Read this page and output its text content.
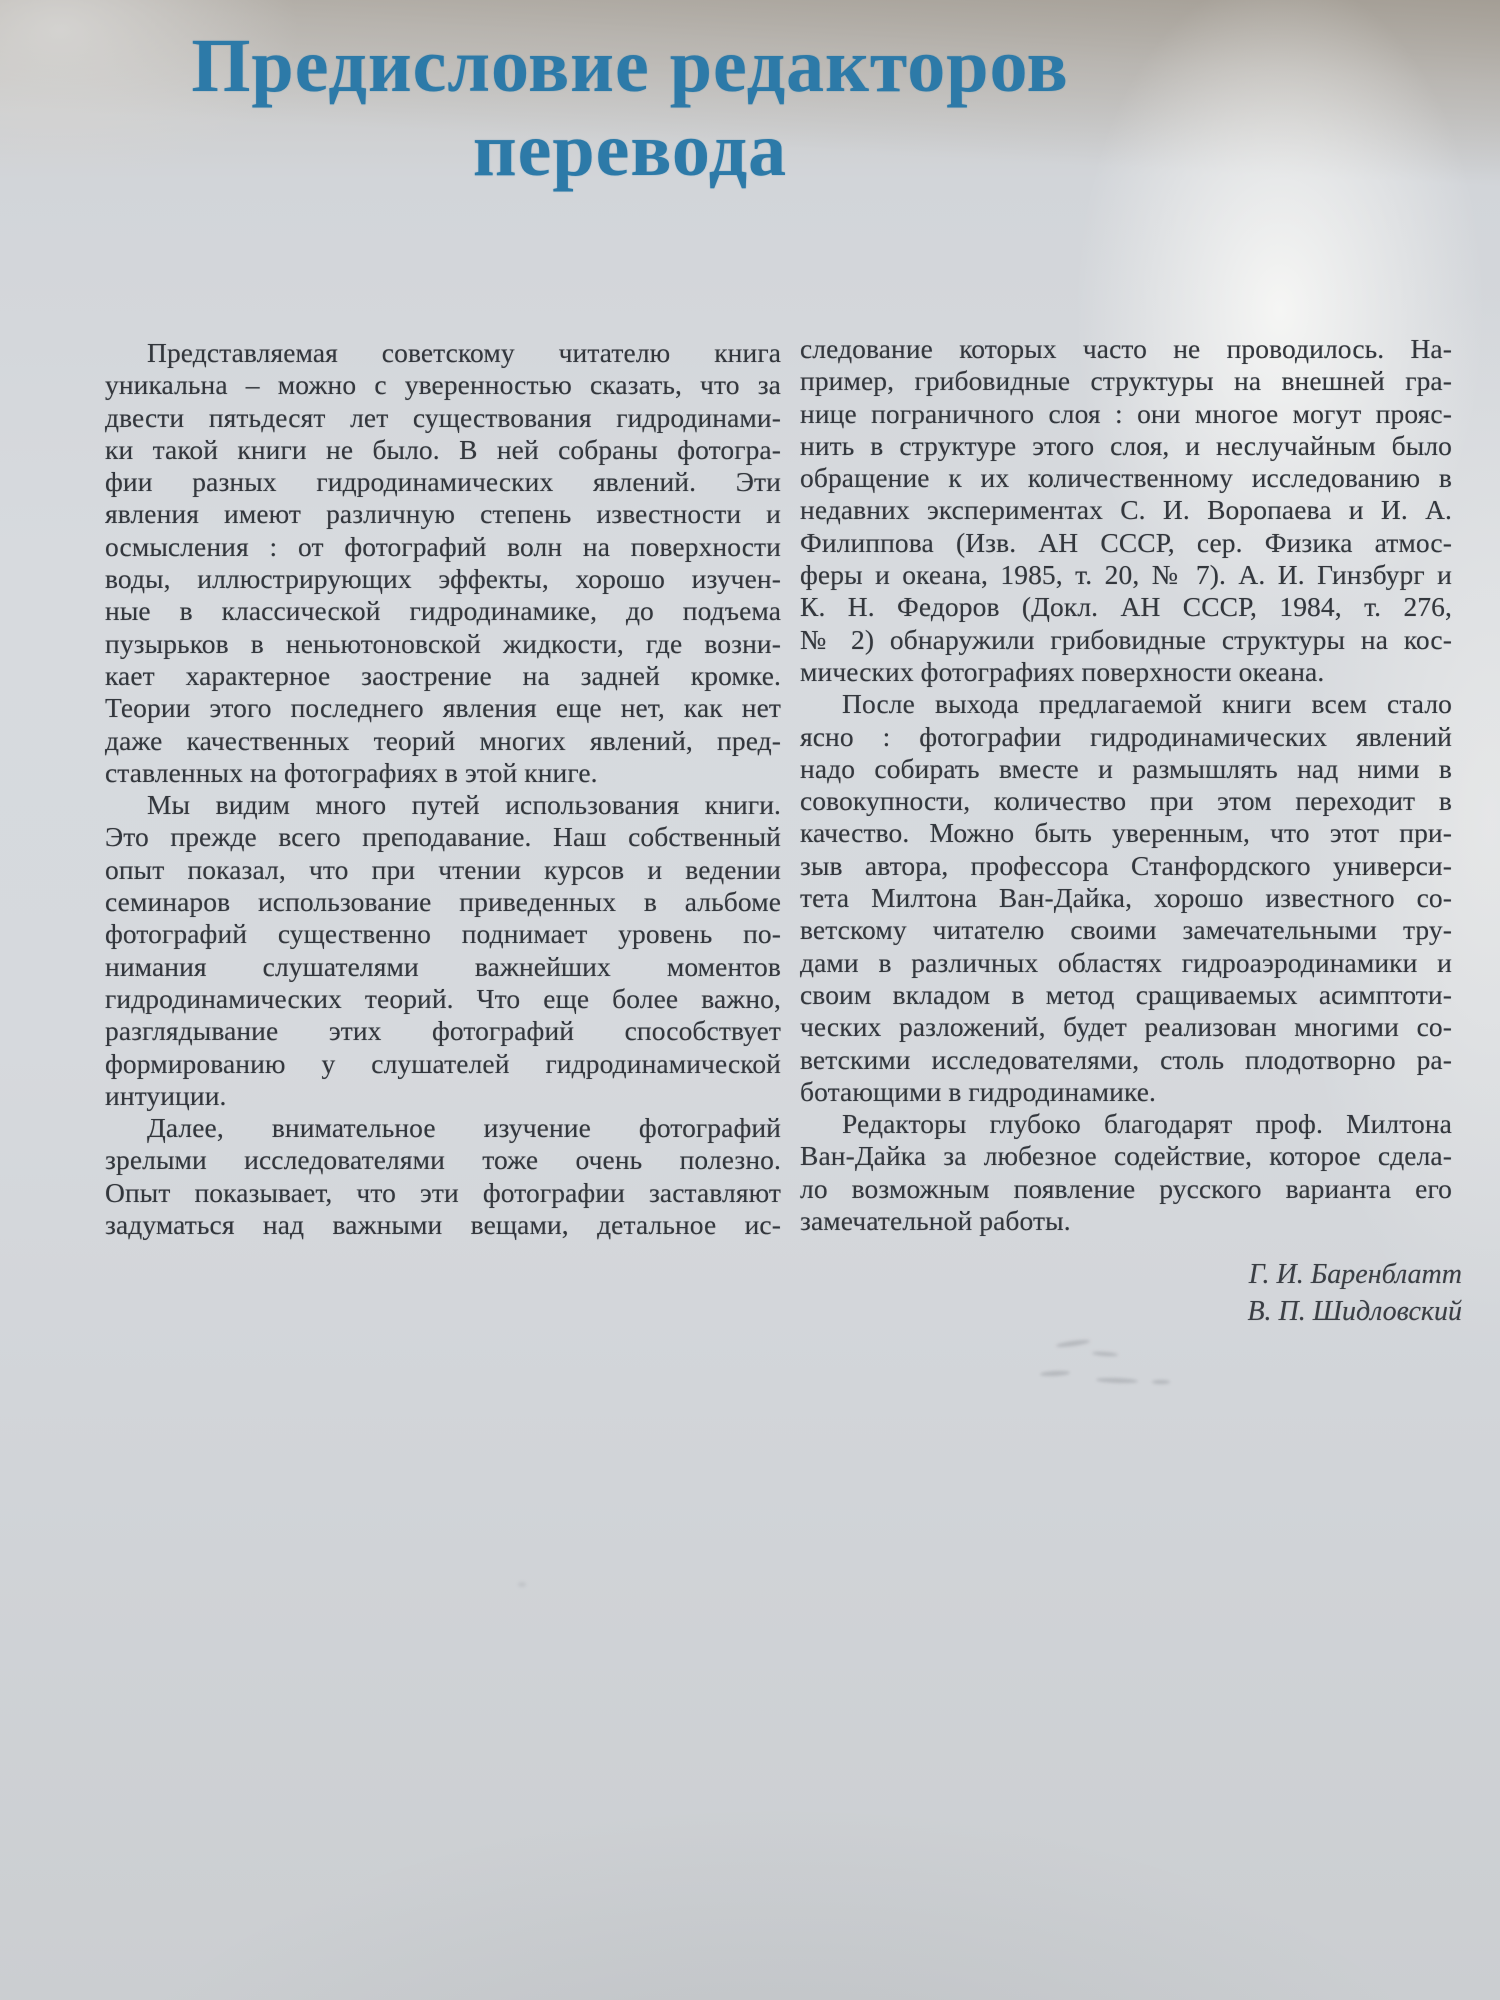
Предисловие редакторов
перевода
Представляемая советскому читателю книга
уникальна – можно с уверенностью сказать, что за
двести пятьдесят лет существования гидродинами-
ки такой книги не было. В ней собраны фотогра-
фии разных гидродинамических явлений. Эти
явления имеют различную степень известности и
осмысления : от фотографий волн на поверхности
воды, иллюстрирующих эффекты, хорошо изучен-
ные в классической гидродинамике, до подъема
пузырьков в неньютоновской жидкости, где возни-
кает характерное заострение на задней кромке.
Теории этого последнего явления еще нет, как нет
даже качественных теорий многих явлений, пред-
ставленных на фотографиях в этой книге.
Мы видим много путей использования книги.
Это прежде всего преподавание. Наш собственный
опыт показал, что при чтении курсов и ведении
семинаров использование приведенных в альбоме
фотографий существенно поднимает уровень по-
нимания слушателями важнейших моментов
гидродинамических теорий. Что еще более важно,
разглядывание этих фотографий способствует
формированию у слушателей гидродинамической
интуиции.
Далее, внимательное изучение фотографий
зрелыми исследователями тоже очень полезно.
Опыт показывает, что эти фотографии заставляют
задуматься над важными вещами, детальное ис-
следование которых часто не проводилось. На-
пример, грибовидные структуры на внешней гра-
нице пограничного слоя : они многое могут прояс-
нить в структуре этого слоя, и неслучайным было
обращение к их количественному исследованию в
недавних экспериментах С. И. Воропаева и И. А.
Филиппова (Изв. АН СССР, сер. Физика атмос-
феры и океана, 1985, т. 20, № 7). А. И. Гинзбург и
К. Н. Федоров (Докл. АН СССР, 1984, т. 276,
№ 2) обнаружили грибовидные структуры на кос-
мических фотографиях поверхности океана.
После выхода предлагаемой книги всем стало
ясно : фотографии гидродинамических явлений
надо собирать вместе и размышлять над ними в
совокупности, количество при этом переходит в
качество. Можно быть уверенным, что этот при-
зыв автора, профессора Станфордского универси-
тета Милтона Ван-Дайка, хорошо известного со-
ветскому читателю своими замечательными тру-
дами в различных областях гидроаэродинамики и
своим вкладом в метод сращиваемых асимптоти-
ческих разложений, будет реализован многими со-
ветскими исследователями, столь плодотворно ра-
ботающими в гидродинамике.
Редакторы глубоко благодарят проф. Милтона
Ван-Дайка за любезное содействие, которое сдела-
ло возможным появление русского варианта его
замечательной работы.
Г. И. Баренблатт
В. П. Шидловский
